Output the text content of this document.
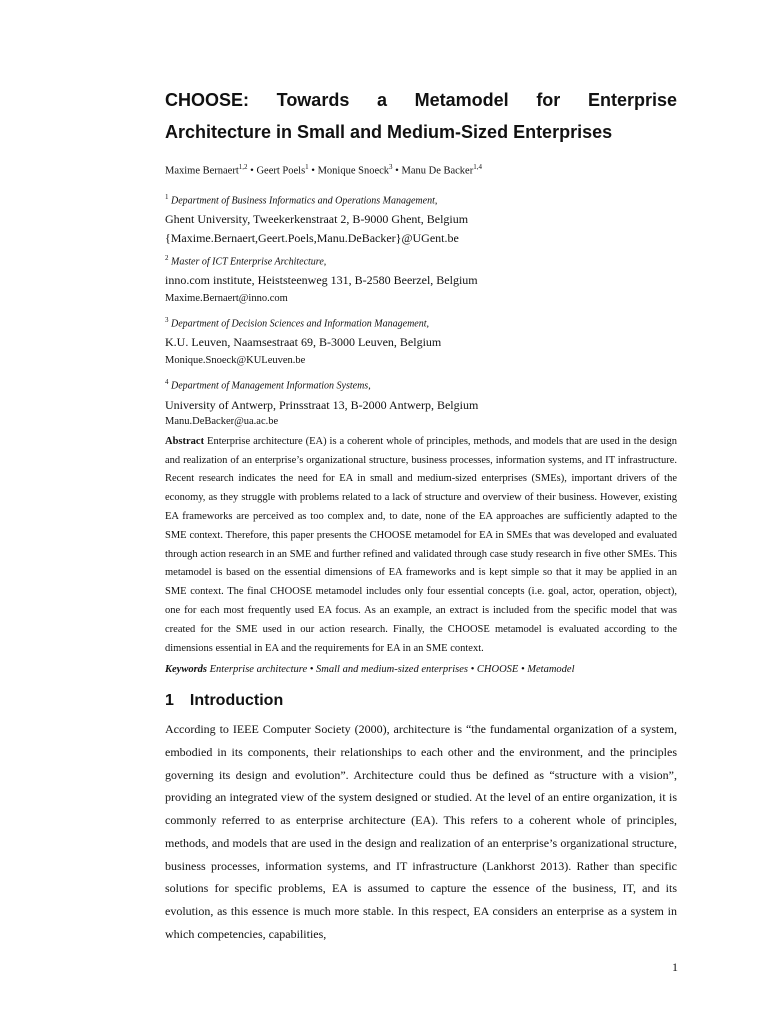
CHOOSE: Towards a Metamodel for Enterprise
Architecture in Small and Medium-Sized Enterprises

Maxime Bernaert$^{1,2}$ • Geert Poels$^1$ • Monique Snoeck$^3$ • Manu De Backer$^{1,4}$

$^1$ Department of Business Informatics and Operations Management,

Ghent University, Tweekerkenstraat 2, B-9000 Ghent, Belgium

{Maxime.Bernaert,Geert.Poels,Manu.DeBacker}@UGent.be

$^2$ Master of ICT Enterprise Architecture,

inno.com institute, Heiststeenweg 131, B-2580 Beerzel, Belgium

Maxime.Bernaert@inno.com

$^3$ Department of Decision Sciences and Information Management,

K.U. Leuven, Naamsestraat 69, B-3000 Leuven, Belgium

Monique.Snoeck@KULeuven.be

$^4$ Department of Management Information Systems,

University of Antwerp, Prinsstraat 13, B-2000 Antwerp, Belgium

Manu.DeBacker@ua.ac.be

Abstract Enterprise architecture (EA) is a coherent whole of principles, methods, and models that are used in the design and realization of an enterprise’s organizational structure, business processes, information systems, and IT infrastructure. Recent research indicates the need for EA in small and medium-sized enterprises (SMEs), important drivers of the economy, as they struggle with problems related to a lack of structure and overview of their business. However, existing EA frameworks are perceived as too complex and, to date, none of the EA approaches are sufficiently adapted to the SME context. Therefore, this paper presents the CHOOSE metamodel for EA in SMEs that was developed and evaluated through action research in an SME and further refined and validated through case study research in five other SMEs. This metamodel is based on the essential dimensions of EA frameworks and is kept simple so that it may be applied in an SME context. The final CHOOSE metamodel includes only four essential concepts (i.e. goal, actor, operation, object), one for each most frequently used EA focus. As an example, an extract is included from the specific model that was created for the SME used in our action research. Finally, the CHOOSE metamodel is evaluated according to the dimensions essential in EA and the requirements for EA in an SME context.

Keywords Enterprise architecture • Small and medium-sized enterprises • CHOOSE • Metamodel

1 Introduction

According to IEEE Computer Society (2000), architecture is “the fundamental organization of a system, embodied in its components, their relationships to each other and the environment, and the principles governing its design and evolution”. Architecture could thus be defined as “structure with a vision”, providing an integrated view of the system designed or studied. At the level of an entire organization, it is commonly referred to as enterprise architecture (EA). This refers to a coherent whole of principles, methods, and models that are used in the design and realization of an enterprise’s organizational structure, business processes, information systems, and IT infrastructure (Lankhorst 2013). Rather than specific solutions for specific problems, EA is assumed to capture the essence of the business, IT, and its evolution, as this essence is much more stable. In this respect, EA considers an enterprise as a system in which competencies, capabilities,

1
